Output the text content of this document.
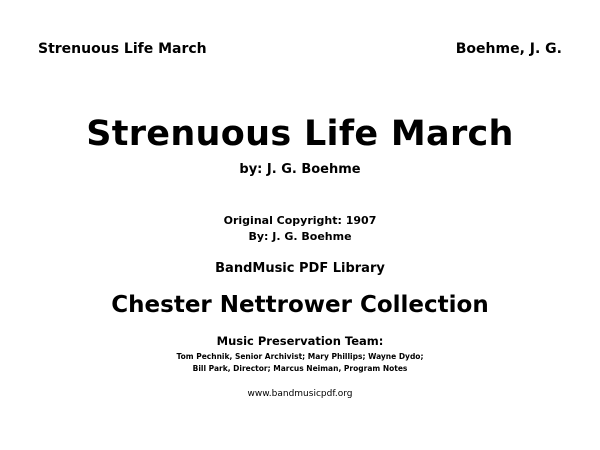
Strenuous Life March	Boehme, J. G.
Strenuous Life March
by: J. G. Boehme
Original Copyright: 1907
By: J. G. Boehme
BandMusic PDF Library
Chester Nettrower Collection
Music Preservation Team:
Tom Pechnik, Senior Archivist; Mary Phillips; Wayne Dydo;
Bill Park, Director; Marcus Neiman, Program Notes
www.bandmusicpdf.org
